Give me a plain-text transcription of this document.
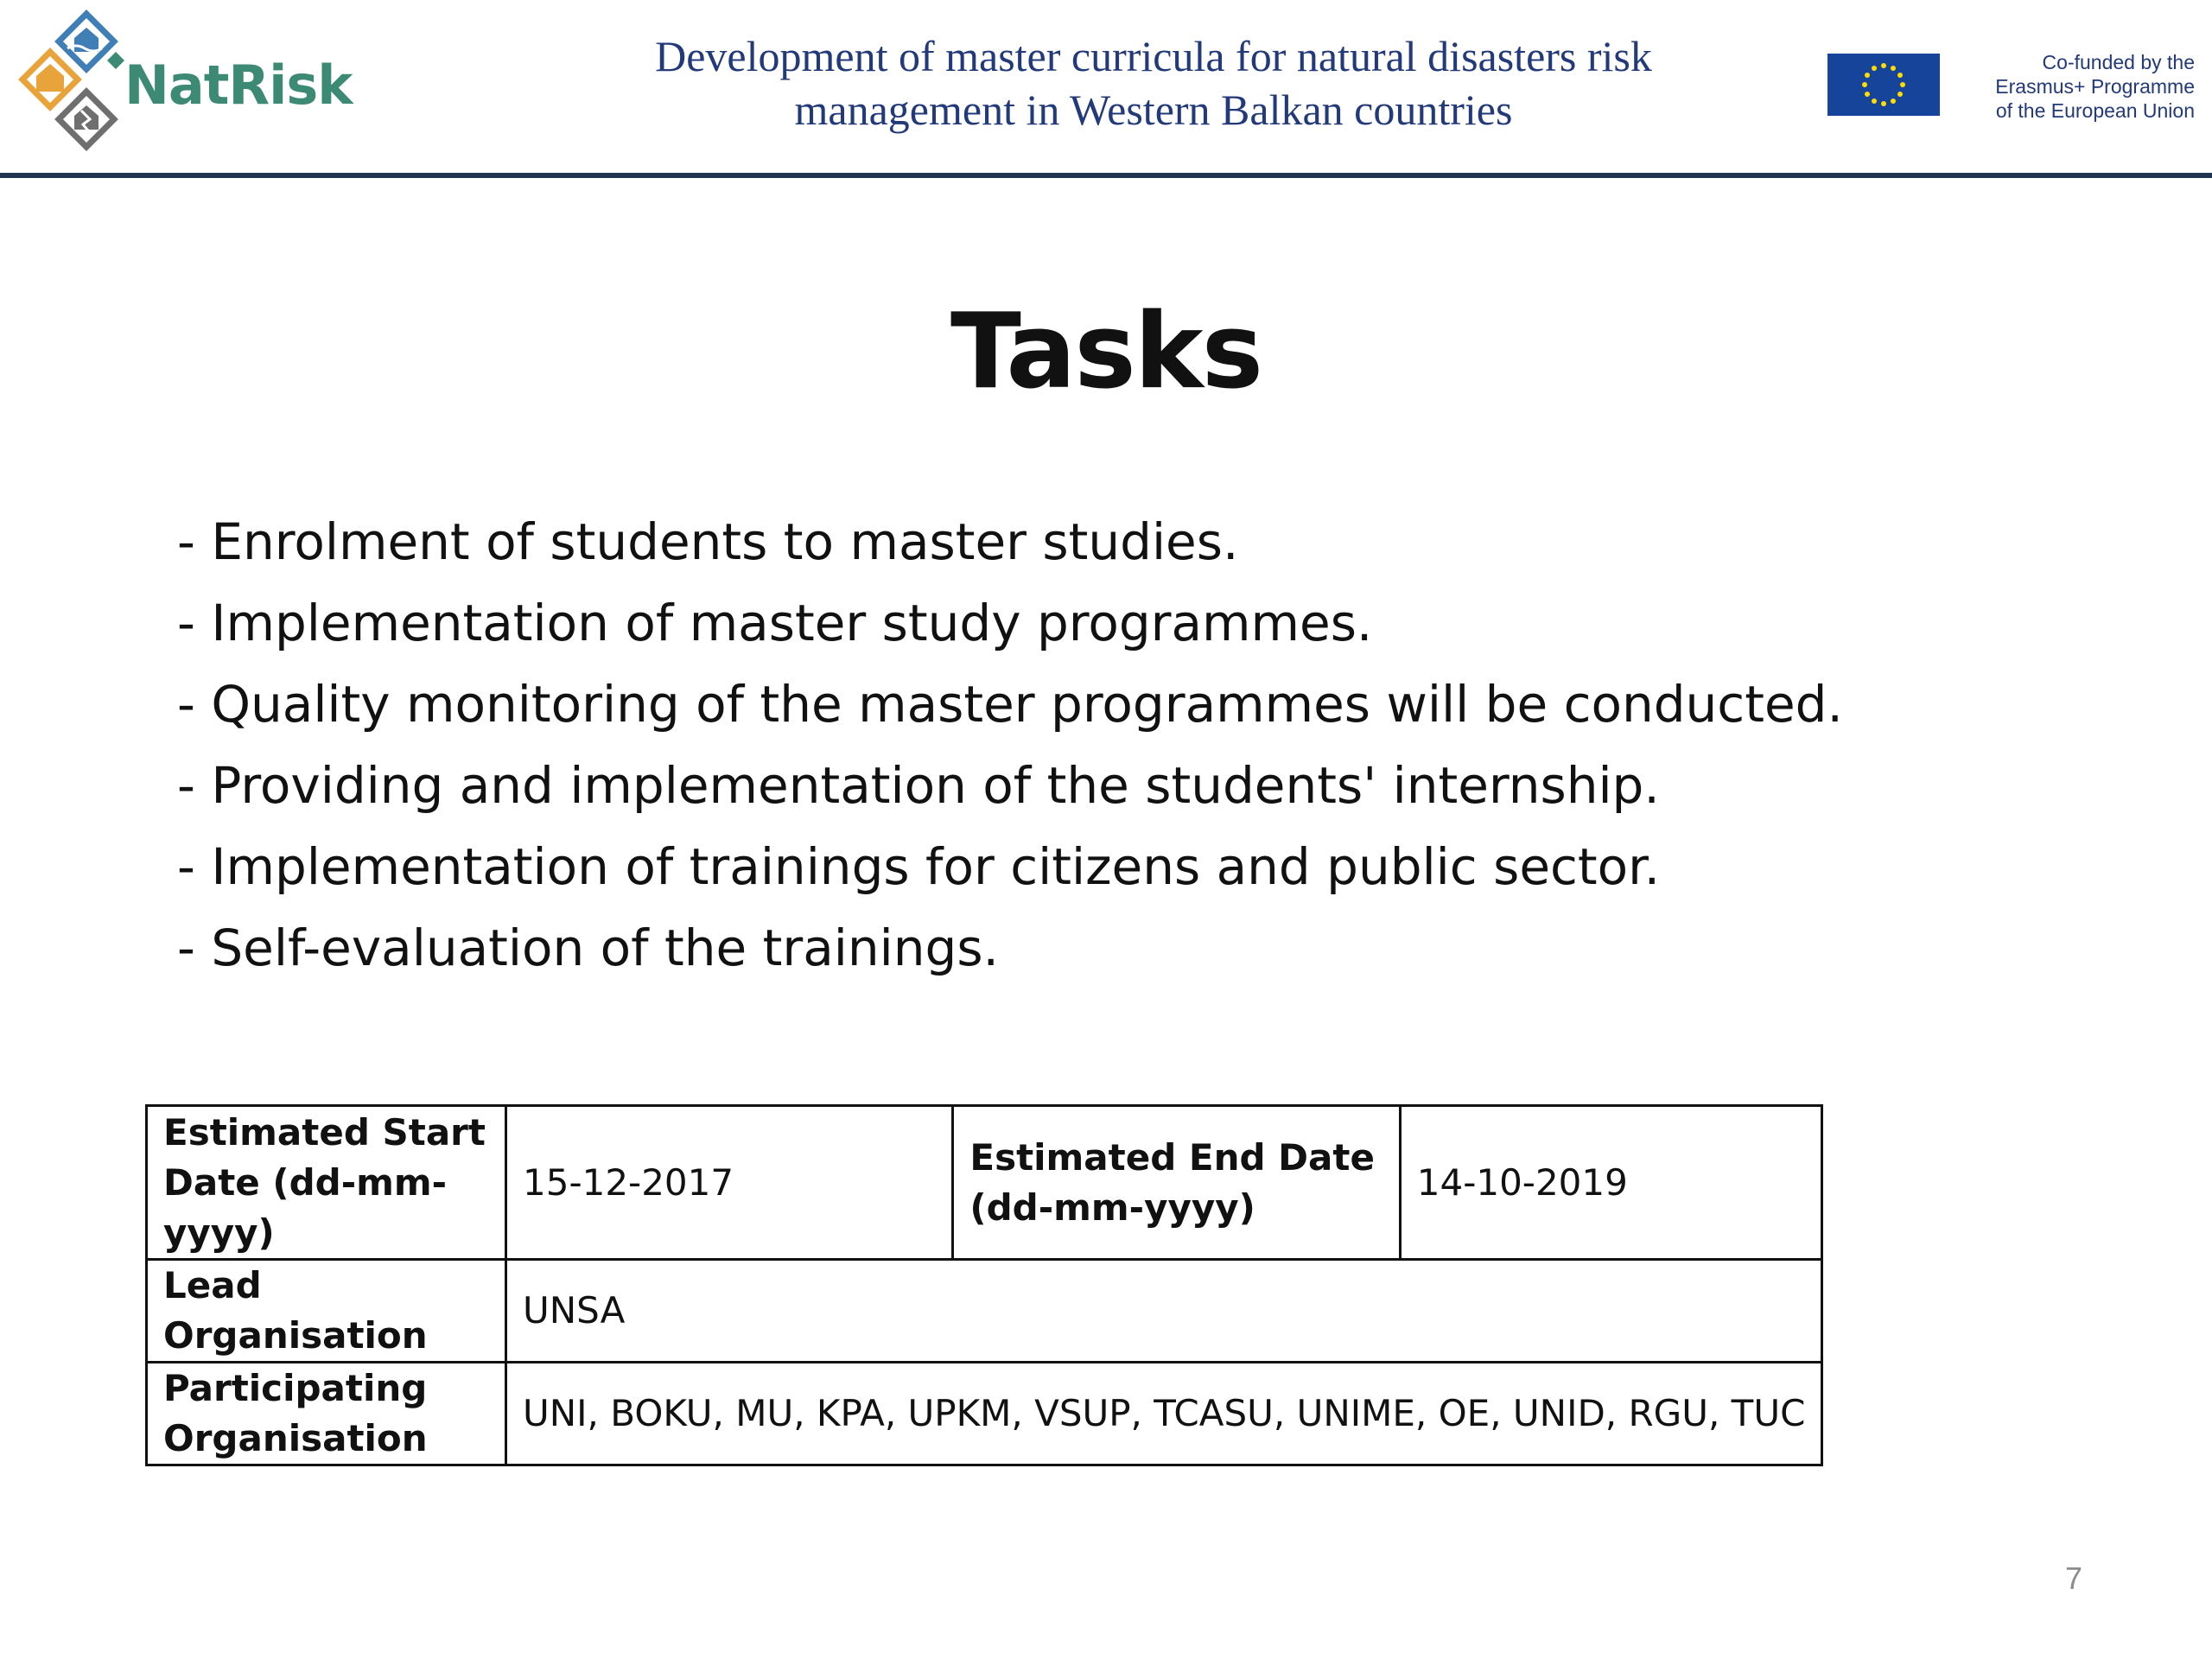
NatRisk	Development of master curricula for natural disasters risk
management in Western Balkan countries
Co-funded by the
Erasmus+ Programme
of the European Union
Tasks
- Enrolment of students to master studies.
- Implementation of master study programmes.
- Quality monitoring of the master programmes will be conducted.
- Providing and implementation of the students' internship.
- Implementation of trainings for citizens and public sector.
- Self-evaluation of the trainings.
Estimated Start Date (dd-mm-yyyy)	15-12-2017	Estimated End Date (dd-mm-yyyy)	14-10-2019
Lead Organisation	UNSA		
Participating Organisation	UNI, BOKU, MU, KPA, UPKM, VSUP, TCASU, UNIME, OE, UNID, RGU, TUC		
7
